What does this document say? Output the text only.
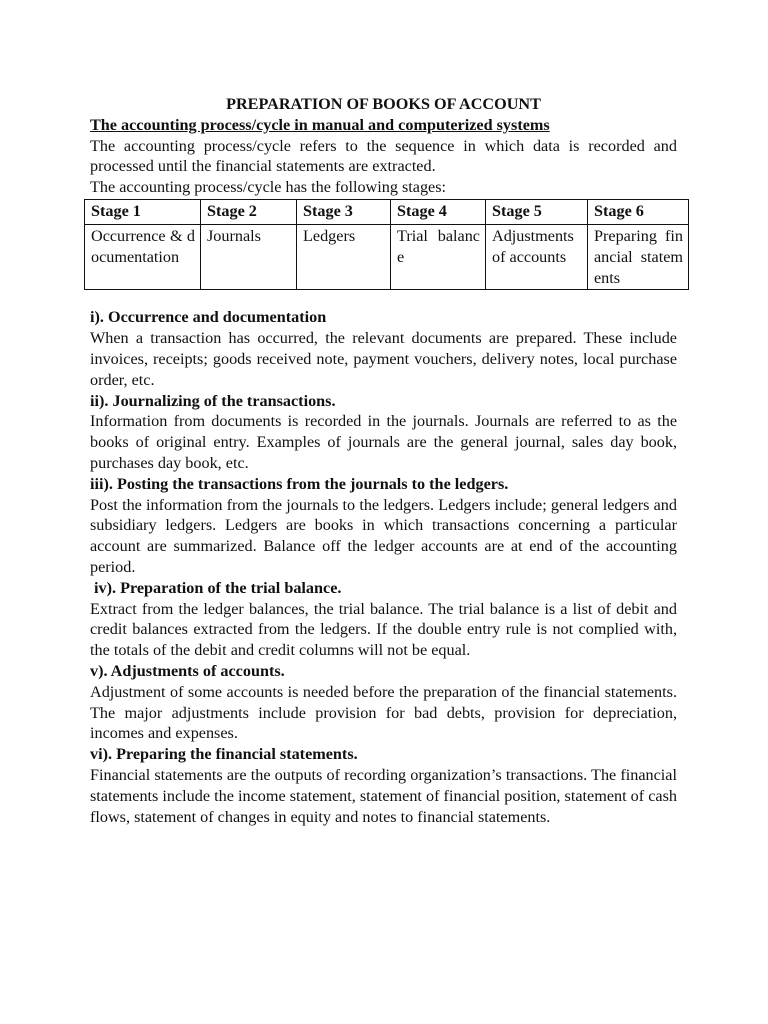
PREPARATION OF BOOKS OF ACCOUNT

The accounting process/cycle in manual and computerized systems

The accounting process/cycle refers to the sequence in which data is recorded and processed until the financial statements are extracted.

The accounting process/cycle has the following stages:

Stage 1	Stage 2	Stage 3	Stage 4	Stage 5	Stage 6
Occurrence & documentation	Journals	Ledgers	Trial balance	Adjustments of accounts	Preparing financial statements

i). Occurrence and documentation

When a transaction has occurred, the relevant documents are prepared. These include invoices, receipts; goods received note, payment vouchers, delivery notes, local purchase order, etc.

ii). Journalizing of the transactions.

Information from documents is recorded in the journals. Journals are referred to as the books of original entry. Examples of journals are the general journal, sales day book, purchases day book, etc.

iii). Posting the transactions from the journals to the ledgers.

Post the information from the journals to the ledgers. Ledgers include; general ledgers and subsidiary ledgers. Ledgers are books in which transactions concerning a particular account are summarized. Balance off the ledger accounts are at end of the accounting period.

iv). Preparation of the trial balance.

Extract from the ledger balances, the trial balance. The trial balance is a list of debit and credit balances extracted from the ledgers. If the double entry rule is not complied with, the totals of the debit and credit columns will not be equal.

v). Adjustments of accounts.

Adjustment of some accounts is needed before the preparation of the financial statements. The major adjustments include provision for bad debts, provision for depreciation, incomes and expenses.

vi). Preparing the financial statements.

Financial statements are the outputs of recording organization’s transactions. The financial statements include the income statement, statement of financial position, statement of cash flows, statement of changes in equity and notes to financial statements.
